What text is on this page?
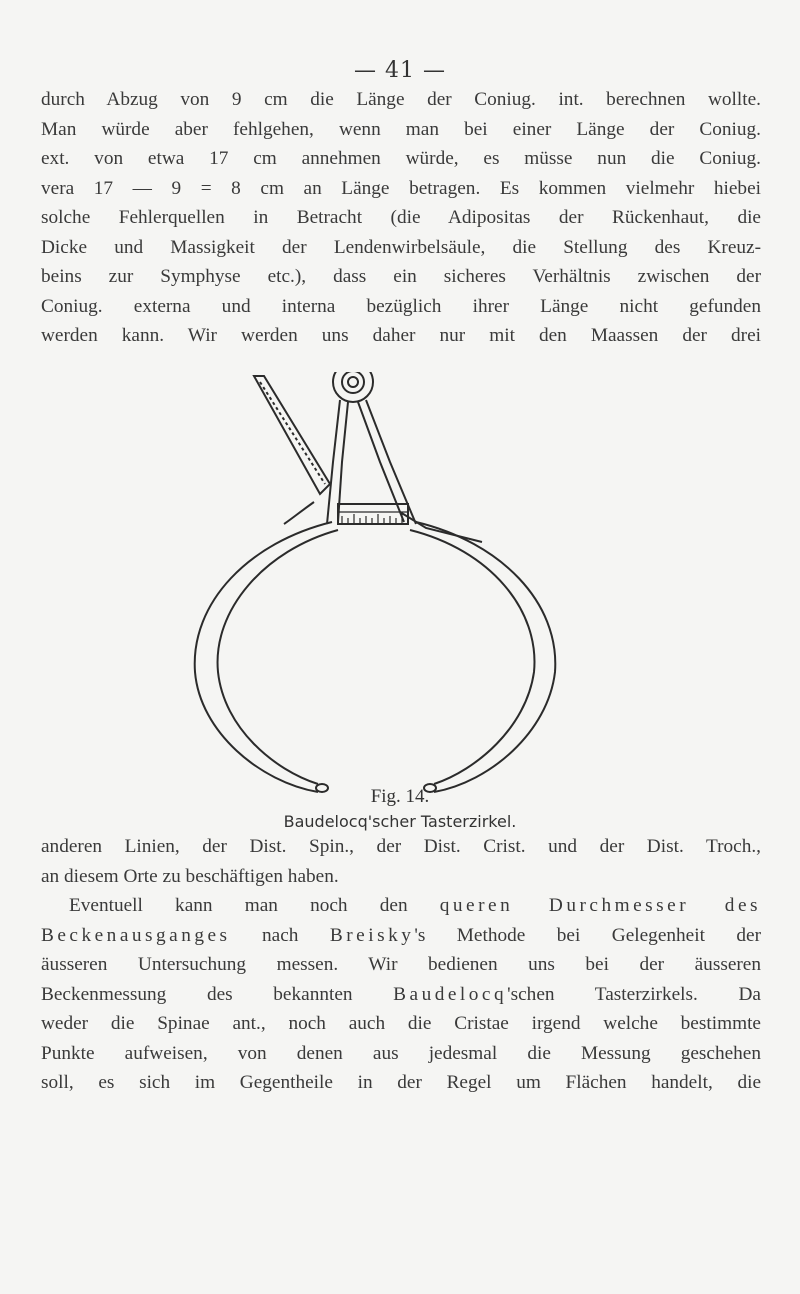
— 41 —
durch Abzug von 9 cm die Länge der Coniug. int. berechnen wollte.
Man würde aber fehlgehen, wenn man bei einer Länge der Coniug.
ext. von etwa 17 cm annehmen würde, es müsse nun die Coniug.
vera 17 — 9 = 8 cm an Länge betragen. Es kommen vielmehr hiebei
solche Fehlerquellen in Betracht (die Adipositas der Rückenhaut, die
Dicke und Massigkeit der Lendenwirbelsäule, die Stellung des Kreuz-
beins zur Symphyse etc.), dass ein sicheres Verhältnis zwischen der
Coniug. externa und interna bezüglich ihrer Länge nicht gefunden
werden kann. Wir werden uns daher nur mit den Maassen der drei
Fig. 14.
Baudelocq'scher Tasterzirkel.
anderen Linien, der Dist. Spin., der Dist. Crist. und der Dist. Troch.,
an diesem Orte zu beschäftigen haben.
Eventuell kann man noch den queren Durchmesser des
Beckenausganges nach Breisky's Methode bei Gelegenheit der
äusseren Untersuchung messen. Wir bedienen uns bei der äusseren
Beckenmessung des bekannten Baudelocq'schen Tasterzirkels. Da
weder die Spinae ant., noch auch die Cristae irgend welche bestimmte
Punkte aufweisen, von denen aus jedesmal die Messung geschehen
soll, es sich im Gegentheile in der Regel um Flächen handelt, die
